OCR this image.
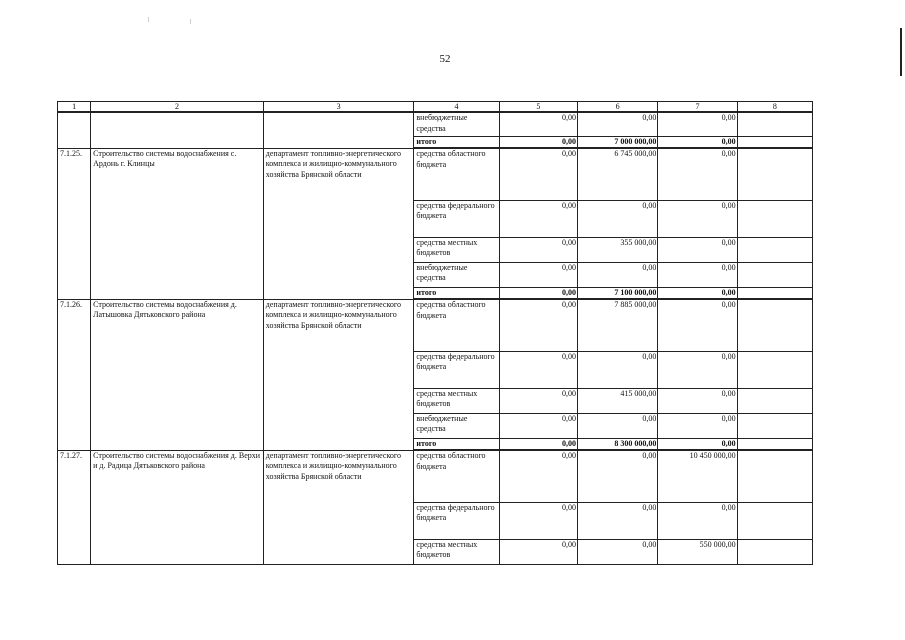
52
1	2	3	4	5	6	7	8
			внебюджетные средства	0,00	0,00	0,00	
			итого	0,00	7 000 000,00	0,00	
7.1.25.	Строительство системы водоснабжения с. Ардонь г. Клинцы	департамент топливно-энергетического комплекса и жилищно-коммунального хозяйства Брянской области	средства областного бюджета	0,00	6 745 000,00	0,00	
			средства федерального бюджета	0,00	0,00	0,00	
			средства местных бюджетов	0,00	355 000,00	0,00	
			внебюджетные средства	0,00	0,00	0,00	
			итого	0,00	7 100 000,00	0,00	
7.1.26.	Строительство системы водоснабжения д. Латышовка Дятьковского района	департамент топливно-энергетического комплекса и жилищно-коммунального хозяйства Брянской области	средства областного бюджета	0,00	7 885 000,00	0,00	
			средства федерального бюджета	0,00	0,00	0,00	
			средства местных бюджетов	0,00	415 000,00	0,00	
			внебюджетные средства	0,00	0,00	0,00	
			итого	0,00	8 300 000,00	0,00	
7.1.27.	Строительство системы водоснабжения д. Верхи и д. Радица Дятьковского района	департамент топливно-энергетического комплекса и жилищно-коммунального хозяйства Брянской области	средства областного бюджета	0,00	0,00	10 450 000,00	
			средства федерального бюджета	0,00	0,00	0,00	
			средства местных бюджетов	0,00	0,00	550 000,00	
